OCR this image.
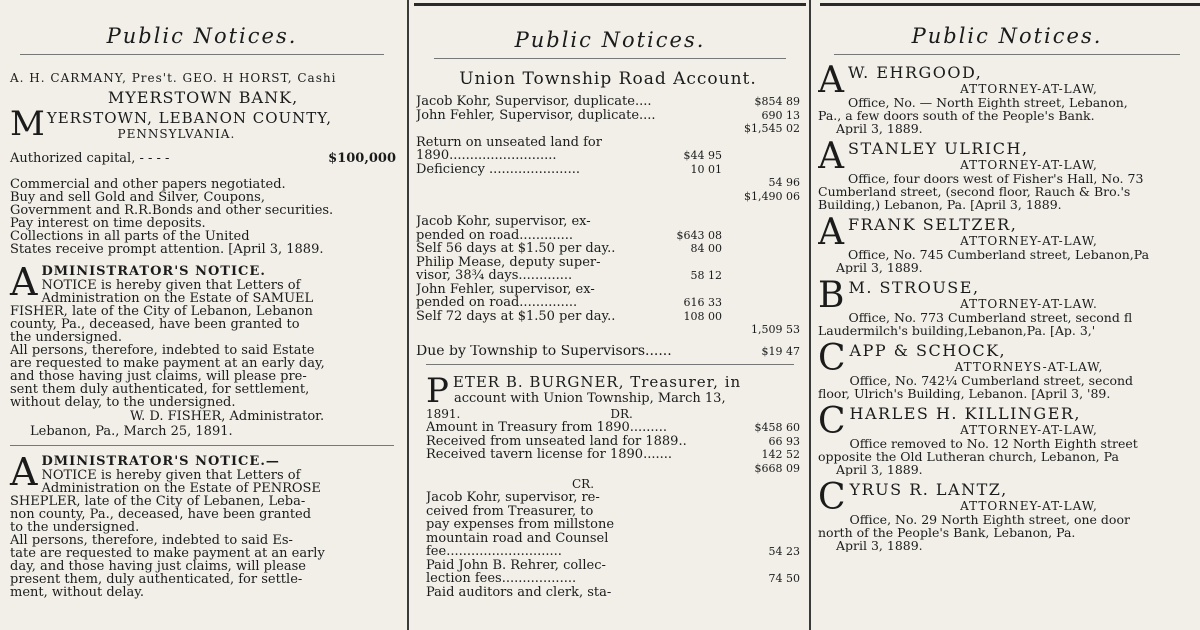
Public Notices.
A. H. CARMANY, Pres't. GEO. H HORST, Cashi
MYERSTOWN BANK,
M YERSTOWN, LEBANON COUNTY,
PENNSYLVANIA.
Authorized capital, - - - -	$100,000
Commercial and other papers negotiated.
Buy and sell Gold and Silver, Coupons,
Government and R.R.Bonds and other securities.
Pay interest on time deposits.
Collections in all parts of the United
States receive prompt attention. [April 3, 1889.
A DMINISTRATOR'S NOTICE.
NOTICE is hereby given that Letters of
Administration on the Estate of SAMUEL
FISHER, late of the City of Lebanon, Lebanon
county, Pa., deceased, have been granted to
the undersigned.
All persons, therefore, indebted to said Estate
are requested to make payment at an early day,
and those having just claims, will please pre-
sent them duly authenticated, for settlement,
without delay, to the undersigned.
W. D. FISHER, Administrator.
Lebanon, Pa., March 25, 1891.
A DMINISTRATOR'S NOTICE.—
NOTICE is hereby given that Letters of
Administration on the Estate of PENROSE
SHEPLER, late of the City of Lebanen, Leba-
non county, Pa., deceased, have been granted
to the undersigned.
All persons, therefore, indebted to said Es-
tate are requested to make payment at an early
day, and those having just claims, will please
present them, duly authenticated, for settle-
ment, without delay.
Public Notices.
Union Township Road Account.
Jacob Kohr, Supervisor, duplicate....	$854 89
John Fehler, Supervisor, duplicate....	690 13
$1,545 02
Return on unseated land for
1890..........................	$44 95
Deficiency ......................	10 01
54 96
$1,490 06
Jacob Kohr, supervisor, ex-
pended on road.............	$643 08
Self 56 days at $1.50 per day..	84 00
Philip Mease, deputy super-
visor, 38¾ days.............	58 12
John Fehler, supervisor, ex-
pended on road..............	616 33
Self 72 days at $1.50 per day..	108 00
1,509 53
Due by Township to Supervisors......	$19 47
P ETER B. BURGNER, Treasurer, in
account with Union Township, March 13,
1891.	DR.
Amount in Treasury from 1890.........	$458 60
Received from unseated land for 1889..	66 93
Received tavern license for 1890.......	142 52
$668 09
CR.
Jacob Kohr, supervisor, re-
ceived from Treasurer, to
pay expenses from millstone
mountain road and Counsel
fee............................	54 23
Paid John B. Rehrer, collec-
lection fees..................	74 50
Paid auditors and clerk, sta-
Public Notices.
A W. EHRGOOD,
ATTORNEY-AT-LAW,
Office, No. — North Eighth street, Lebanon,
Pa., a few doors south of the People's Bank.
April 3, 1889.
A STANLEY ULRICH,
ATTORNEY-AT-LAW,
Office, four doors west of Fisher's Hall, No. 73
Cumberland street, (second floor, Rauch & Bro.'s
Building,) Lebanon, Pa. [April 3, 1889.
A FRANK SELTZER,
ATTORNEY-AT-LAW,
Office, No. 745 Cumberland street, Lebanon,Pa
April 3, 1889.
B M. STROUSE,
ATTORNEY-AT-LAW.
Office, No. 773 Cumberland street, second fl
Laudermilch's building,Lebanon,Pa. [Ap. 3,'
C APP & SCHOCK,
ATTORNEYS-AT-LAW,
Office, No. 742¼ Cumberland street, second
floor, Ulrich's Building, Lebanon. [April 3, '89.
C HARLES H. KILLINGER,
ATTORNEY-AT-LAW,
Office removed to No. 12 North Eighth street
opposite the Old Lutheran church, Lebanon, Pa
April 3, 1889.
C YRUS R. LANTZ,
ATTORNEY-AT-LAW,
Office, No. 29 North Eighth street, one door
north of the People's Bank, Lebanon, Pa.
April 3, 1889.
